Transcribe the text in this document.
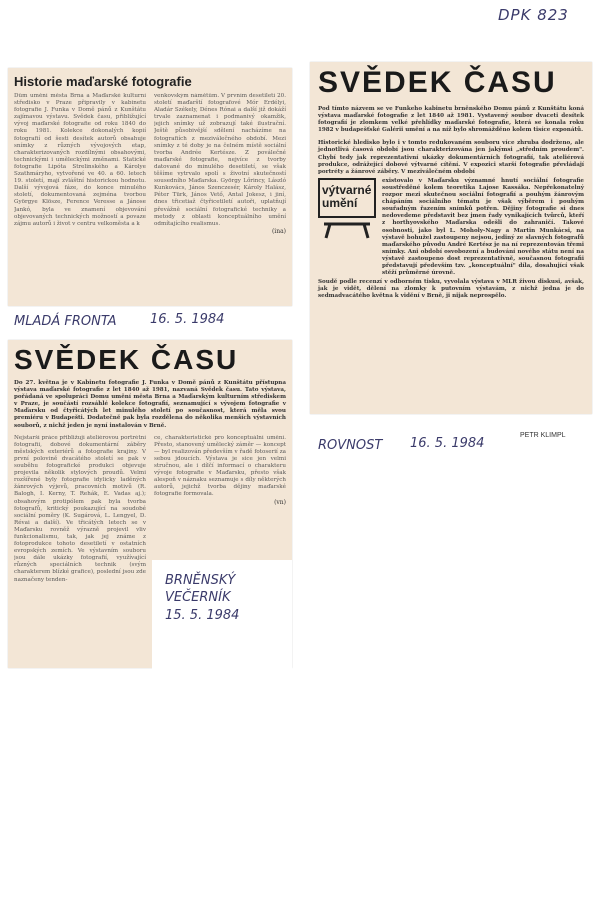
DPK 823
Historie maďarské fotografie

Dům umění města Brna a Maďarské kulturní středisko v Praze připravily v kabinetu fotografie J. Funka v Domě pánů z Kunštátu zajímavou výstavu. Svědek času, přibližující vývoj maďarské fotografie od roku 1840 do roku 1981. Kolekce dokonalých kopií fotografií od šesti desítek autorů obsahuje snímky z různých vývojových etap, charakterizovaných rozdílnými obsahovými, technickými i uměleckými změnami. Statické fotografie Lipóta Strelinského a Károlye Szathmáryho, vytvořené ve 40. a 60. letech 19. století, mají zvláštní historickou hodnotu. Další vývojová fáze, do konce minulého století, dokumentovaná zejména tvorbou Györgye Klösze, Ference Veresse a Jánose Jankó, byla ve znamení objevování objevovaných technických možností a povaze zájmu autorů i život v centru velkoměsta a k

venkovským námětům. V prvním desetiletí 20. století maďarští fotografové Mór Erdélyi, Aladár Székely, Dénes Rónai a další již dokáží trvale zaznamenat i podmanivý okamžik, jejich snímky už zobrazují také ilustrační. Ještě působivější sdělení nacházíme na fotografiích z meziválečného období. Mezi snímky z té doby je na čelném místě sociální tvorba Andrée Kertésze. Z poválečné maďarské fotografie, nejvíce z tvorby datované do minulého desetiletí, se však těšíme vytrvalo spolí s životní skutečností sousedního Maďarska. György Lőrincy, László Kunkovács, János Szenczesér, Károly Halász, Péter Türk, János Vető, Antal Jokesz, i jiní, dnes třicetiaž čtyřicetiletí autoři, uplatňují převážně sociální fotografické techniky a metody z oblasti konceptuálního umění odmítajícího realismus.

(ina)
MLADÁ FRONTA	16. 5. 1984
SVĚDEK ČASU

Do 27. května je v Kabinetu fotografie J. Funka v Domě pánů z Kunštátu přístupna výstava maďarské fotografie z let 1840 až 1981, nazvaná Svědek času. Tato výstava, pořádaná ve spolupráci Domu umění města Brna a Maďarským kulturním střediskem v Praze, je součástí rozsáhlé kolekce fotografií, seznamující s vývojem fotografie v Maďarsku od čtyřicátých let minulého století po současnost, která měla svou premiéru v Budapešti. Dodatečně pak byla rozdělena do několika menších výstavních souborů, z nichž jeden je nyní instalován v Brně.

Nejstarší práce přibližují ateliérovou portrétní fotografii, dobové dokumentární záběry městských exteriérů a fotografie krajiny. V první polovině dvacátého století se pak v souběhu fotografické produkci objevuje projevila několik stylových proudů. Velmi rozšířené byly fotografie idylicky laděných žánrových výjevů, pracovních motivů (R. Balogh, I. Kerny, T. Rehák, E. Vadas aj.); obsahovým protipólem pak byla tvorba fotografů, kritický poukazující na soudobé sociální poměry (K. Sugárová, L. Lengyel, D. Révai a další). Ve třicátých letech se v Maďarsku rovněž výrazně projevil vliv funkcionalismu, tak, jak jej známe z fotoprodukce tohoto desetiletí v ostatních evropských zemích. Ve výstavním souboru jsou dále ukázky fotografií, využívající různých speciálních technik (svým charakterem blízké grafice), poslední jsou zde naznačeny tenden-

ce, charakteristické pro konceptuální umění. Přesto, stanovený umělecký záměr — koncept — byl realizován především v řadě fotoserií za sebou jdoucích. Výstava je sice jen velmi stručnou, ale i dílčí informací o charakteru vývoje fotografie v Maďarsku, přesto však alespoň v náznaku seznamuje s díly některých autorů, jejichž tvorba dějiny maďarské fotografie formovala.

(vn)
BRNĚNSKÝ VEČERNÍK
15. 5. 1984
SVĚDEK ČASU

Pod tímto názvem se ve Funkeho kabinetu brněnského Domu pánů z Kunštátu koná výstava maďarské fotografie z let 1840 až 1981. Vystavený soubor dvaceti desítek fotografií je zlomkem velké přehlídky maďarské fotografie, která se konala roku 1982 v budapešťské Galérii umění a na níž bylo shromážděno kolem tisíce exponátů.

Historické hledisko bylo i v tomto redukovaném souboru více zhruba dodrženo, ale jednotlivá časová období jsou charakterizována jen jakýmsi „středním proudem". Chybí tedy jak reprezentativní ukázky dokumentárních fotografií, tak ateliérová produkce, odrážející dobové výtvarné cítění. V expozici starší fotografie převládají portréty a žánrové záběry. V meziválečném období

výtvarné umění

existovalo v Maďarsku významné hnutí sociální fotografie soustředěné kolem teoretika Lajose Kassáka. Nepřekonatelný rozpor mezi skutečnou sociální fotografií a pouhým žánrovým chápáním sociálního tématu je však výběrem i pouhým souřadným řazením snímků potřen. Dějiny fotografie si dnes nedovedeme představit bez jmen řady vynikajících tvůrců, kteří z horthyovského Maďarska odešli do zahraničí. Takové osobnosti, jako byl L. Moholy-Nagy a Martin Munkácsi, na výstavě bohužel zastoupeny nejsou, jediný ze slavných fotografů maďarského původu André Kertész je na ní reprezentován třemi snímky. Ani období osvobození a budování nového státu není na výstavě zastoupeno dost reprezentativně, současnou fotografii představují především tzv. „konceptuální" díla, dosahující však stěží průměrné úrovně.

Soudě podle recenzí v odborném tisku, vyvolala výstava v MLR živou diskusi, avšak, jak je vidět, dělení na zlomky k putovním výstavám, z nichž jedna je do sedmadvacátého května k vidění v Brně, ji nijak neprospělo.

PETR KLIMPL
ROVNOST 16. 5. 1984
